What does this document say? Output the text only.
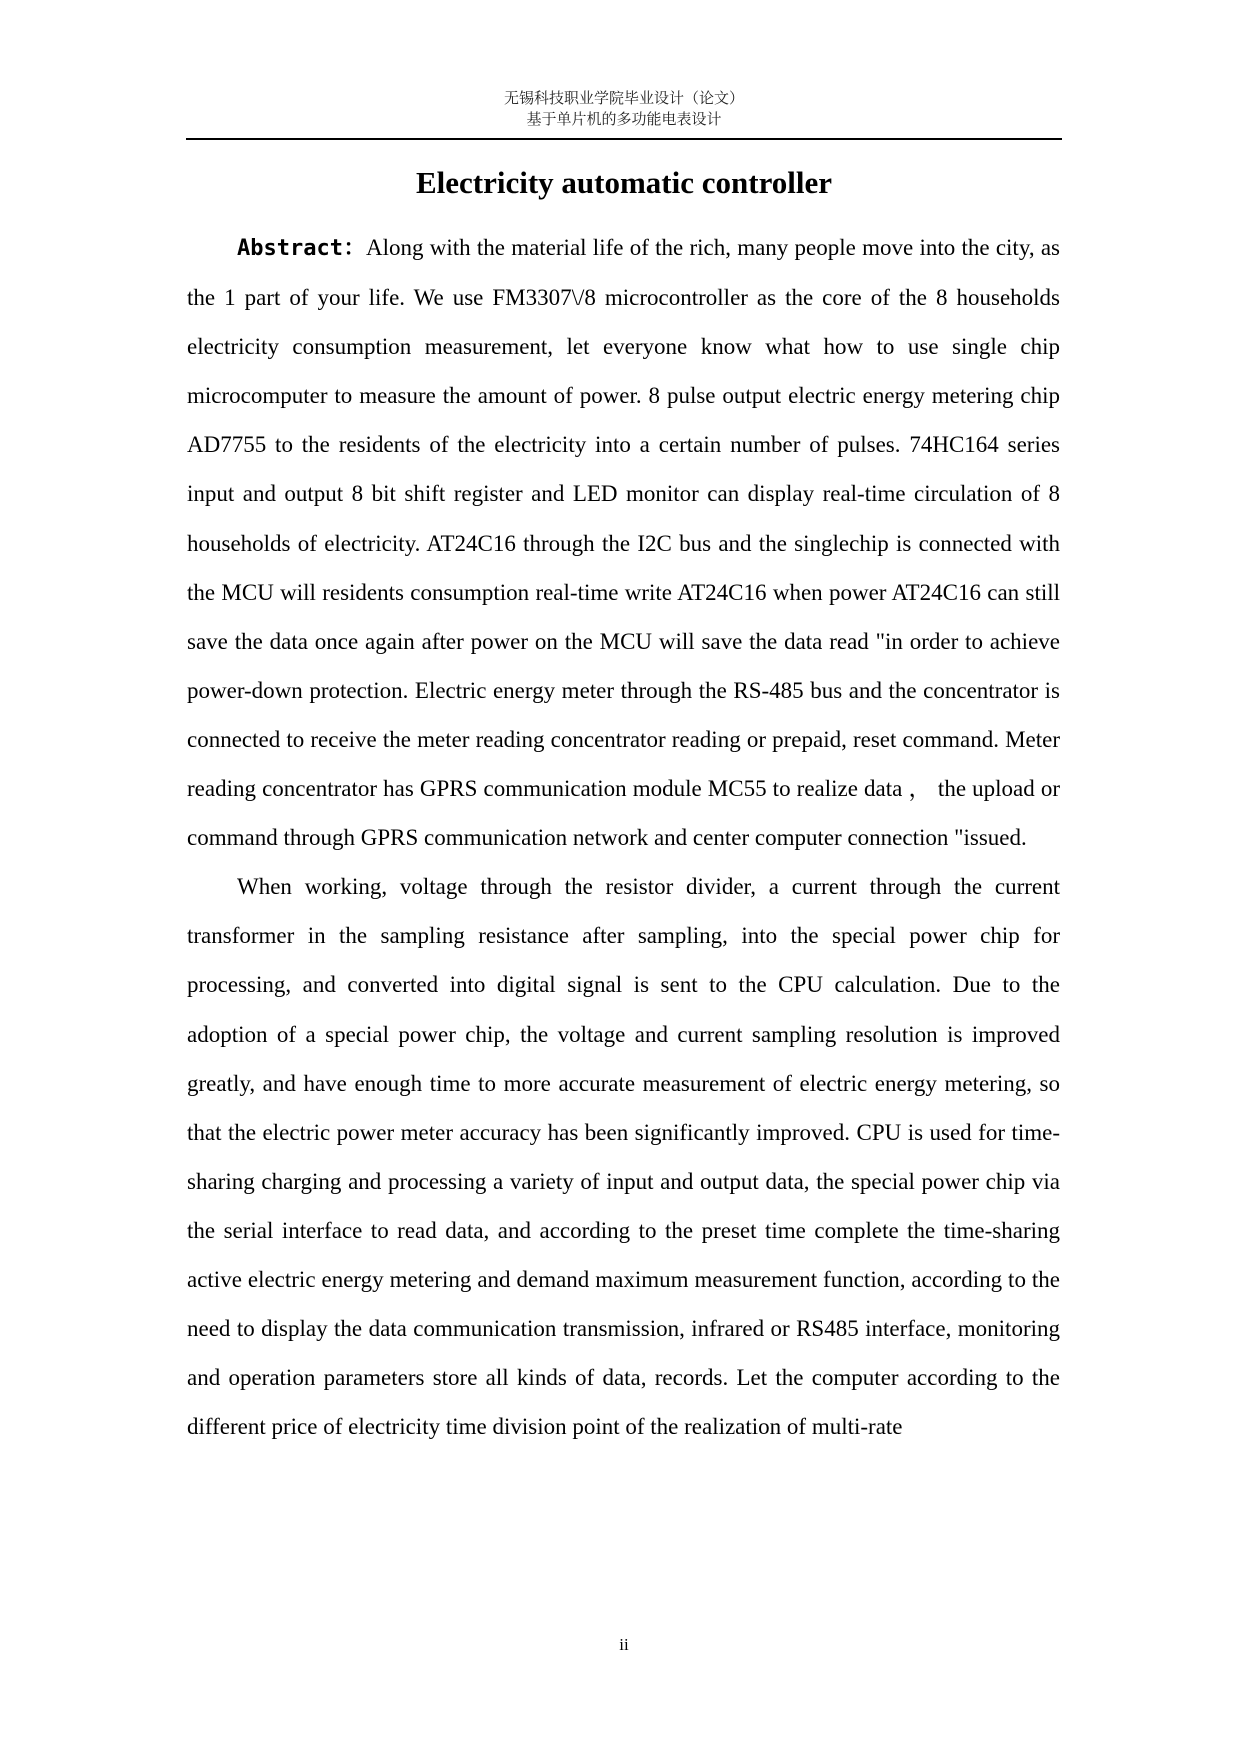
无锡科技职业学院毕业设计（论文）
基于单片机的多功能电表设计
Electricity automatic controller

Abstract：Along with the material life of the rich, many people move into the city, as the 1 part of your life. We use FM3307\/8 microcontroller as the core of the 8 households electricity consumption measurement, let everyone know what how to use single chip microcomputer to measure the amount of power. 8 pulse output electric energy metering chip AD7755 to the residents of the electricity into a certain number of pulses. 74HC164 series input and output 8 bit shift register and LED monitor can display real-time circulation of 8 households of electricity. AT24C16 through the I2C bus and the singlechip is connected with the MCU will residents consumption real-time write AT24C16 when power AT24C16 can still save the data once again after power on the MCU will save the data read "in order to achieve power-down protection. Electric energy meter through the RS-485 bus and the concentrator is connected to receive the meter reading concentrator reading or prepaid, reset command. Meter reading concentrator has GPRS communication module MC55 to realize data ， the upload or command through GPRS communication network and center computer connection "issued.

When working, voltage through the resistor divider, a current through the current transformer in the sampling resistance after sampling, into the special power chip for processing, and converted into digital signal is sent to the CPU calculation. Due to the adoption of a special power chip, the voltage and current sampling resolution is improved greatly, and have enough time to more accurate measurement of electric energy metering, so that the electric power meter accuracy has been significantly improved. CPU is used for time-sharing charging and processing a variety of input and output data, the special power chip via the serial interface to read data, and according to the preset time complete the time-sharing active electric energy metering and demand maximum measurement function, according to the need to display the data communication transmission, infrared or RS485 interface, monitoring and operation parameters store all kinds of data, records. Let the computer according to the different price of electricity time division point of the realization of multi-rate

ii
